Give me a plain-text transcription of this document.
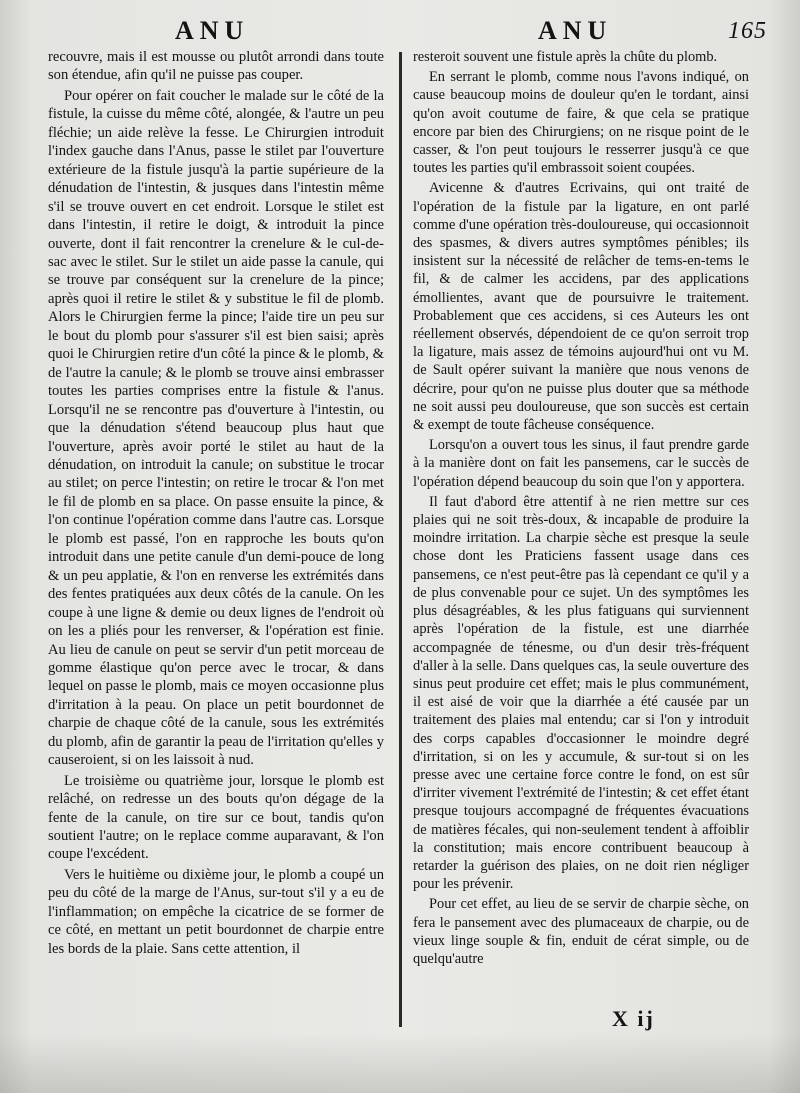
ANU	ANU	165

recouvre, mais il est mousse ou plutôt arrondi dans toute son étendue, afin qu'il ne puisse pas couper.

Pour opérer on fait coucher le malade sur le côté de la fistule, la cuisse du même côté, alongée, & l'autre un peu fléchie; un aide relève la fesse. Le Chirurgien introduit l'index gauche dans l'Anus, passe le stilet par l'ouverture extérieure de la fistule jusqu'à la partie supérieure de la dénudation de l'intestin, & jusques dans l'intestin même s'il se trouve ouvert en cet endroit. Lorsque le stilet est dans l'intestin, il retire le doigt, & introduit la pince ouverte, dont il fait rencontrer la crenelure & le cul-de-sac avec le stilet. Sur le stilet un aide passe la canule, qui se trouve par conséquent sur la crenelure de la pince; après quoi il retire le stilet & y substitue le fil de plomb. Alors le Chirurgien ferme la pince; l'aide tire un peu sur le bout du plomb pour s'assurer s'il est bien saisi; après quoi le Chirurgien retire d'un côté la pince & le plomb, & de l'autre la canule; & le plomb se trouve ainsi embrasser toutes les parties comprises entre la fistule & l'anus. Lorsqu'il ne se rencontre pas d'ouverture à l'intestin, ou que la dénudation s'étend beaucoup plus haut que l'ouverture, après avoir porté le stilet au haut de la dénudation, on introduit la canule; on substitue le trocar au stilet; on perce l'intestin; on retire le trocar & l'on met le fil de plomb en sa place. On passe ensuite la pince, & l'on continue l'opération comme dans l'autre cas. Lorsque le plomb est passé, l'on en rapproche les bouts qu'on introduit dans une petite canule d'un demi-pouce de long & un peu applatie, & l'on en renverse les extrémités dans des fentes pratiquées aux deux côtés de la canule. On les coupe à une ligne & demie ou deux lignes de l'endroit où on les a pliés pour les renverser, & l'opération est finie. Au lieu de canule on peut se servir d'un petit morceau de gomme élastique qu'on perce avec le trocar, & dans lequel on passe le plomb, mais ce moyen occasionne plus d'irritation à la peau. On place un petit bourdonnet de charpie de chaque côté de la canule, sous les extrémités du plomb, afin de garantir la peau de l'irritation qu'elles y causeroient, si on les laissoit à nud.

Le troisième ou quatrième jour, lorsque le plomb est relâché, on redresse un des bouts qu'on dégage de la fente de la canule, on tire sur ce bout, tandis qu'on soutient l'autre; on le replace comme auparavant, & l'on coupe l'excédent.

Vers le huitième ou dixième jour, le plomb a coupé un peu du côté de la marge de l'Anus, sur-tout s'il y a eu de l'inflammation; on empêche la cicatrice de se former de ce côté, en mettant un petit bourdonnet de charpie entre les bords de la plaie. Sans cette attention, il

resteroit souvent une fistule après la chûte du plomb.

En serrant le plomb, comme nous l'avons indiqué, on cause beaucoup moins de douleur qu'en le tordant, ainsi qu'on avoit coutume de faire, & que cela se pratique encore par bien des Chirurgiens; on ne risque point de le casser, & l'on peut toujours le resserrer jusqu'à ce que toutes les parties qu'il embrassoit soient coupées.

Avicenne & d'autres Ecrivains, qui ont traité de l'opération de la fistule par la ligature, en ont parlé comme d'une opération très-douloureuse, qui occasionnoit des spasmes, & divers autres symptômes pénibles; ils insistent sur la nécessité de relâcher de tems-en-tems le fil, & de calmer les accidens, par des applications émollientes, avant que de poursuivre le traitement. Probablement que ces accidens, si ces Auteurs les ont réellement observés, dépendoient de ce qu'on serroit trop la ligature, mais assez de témoins aujourd'hui ont vu M. de Sault opérer suivant la manière que nous venons de décrire, pour qu'on ne puisse plus douter que sa méthode ne soit aussi peu douloureuse, que son succès est certain & exempt de toute fâcheuse conséquence.

Lorsqu'on a ouvert tous les sinus, il faut prendre garde à la manière dont on fait les pansemens, car le succès de l'opération dépend beaucoup du soin que l'on y apportera.

Il faut d'abord être attentif à ne rien mettre sur ces plaies qui ne soit très-doux, & incapable de produire la moindre irritation. La charpie sèche est presque la seule chose dont les Praticiens fassent usage dans ces pansemens, ce n'est peut-être pas là cependant ce qu'il y a de plus convenable pour ce sujet. Un des symptômes les plus désagréables, & les plus fatiguans qui surviennent après l'opération de la fistule, est une diarrhée accompagnée de ténesme, ou d'un desir très-fréquent d'aller à la selle. Dans quelques cas, la seule ouverture des sinus peut produire cet effet; mais le plus communément, il est aisé de voir que la diarrhée a été causée par un traitement des plaies mal entendu; car si l'on y introduit des corps capables d'occasionner le moindre degré d'irritation, si on les y accumule, & sur-tout si on les presse avec une certaine force contre le fond, on est sûr d'irriter vivement l'extrémité de l'intestin; & cet effet étant presque toujours accompagné de fréquentes évacuations de matières fécales, qui non-seulement tendent à affoiblir la constitution; mais encore contribuent beaucoup à retarder la guérison des plaies, on ne doit rien négliger pour les prévenir.

Pour cet effet, au lieu de se servir de charpie sèche, on fera le pansement avec des plumaceaux de charpie, ou de vieux linge souple & fin, enduit de cérat simple, ou de quelqu'autre

X ij
